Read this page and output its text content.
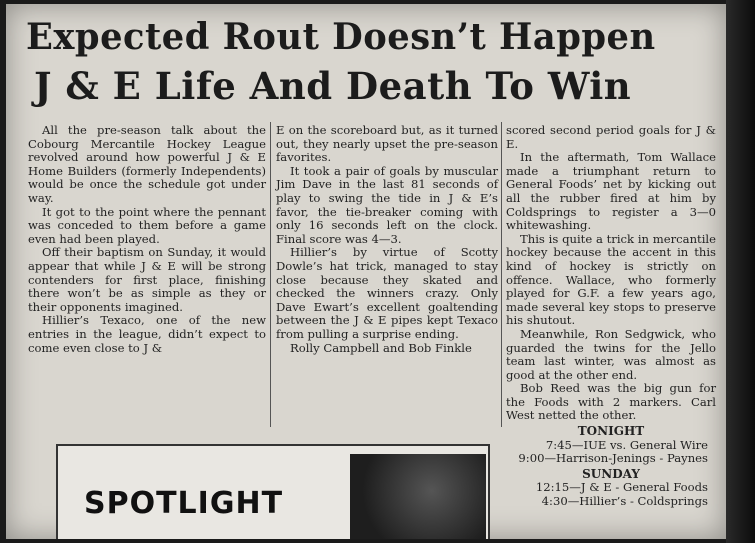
Expected Rout Doesn’t Happen
J & E Life And Death To Win

All the pre-season talk about the Cobourg Mercantile Hockey League revolved around how powerful J & E Home Builders (formerly Independents) would be once the schedule got under way.

It got to the point where the pennant was conceded to them before a game even had been played.

Off their baptism on Sunday, it would appear that while J & E will be strong contenders for first place, finishing there won’t be as simple as they or their opponents imagined.

Hillier’s Texaco, one of the new entries in the league, didn’t expect to come even close to J &

E on the scoreboard but, as it turned out, they nearly upset the pre-season favorites.

It took a pair of goals by muscular Jim Dave in the last 81 seconds of play to swing the tide in J & E’s favor, the tie-breaker coming with only 16 seconds left on the clock. Final score was 4—3.

Hillier’s by virtue of Scotty Dowle’s hat trick, managed to stay close because they skated and checked the winners crazy. Only Dave Ewart’s excellent goaltending between the J & E pipes kept Texaco from pulling a surprise ending.

Rolly Campbell and Bob Finkle

scored second period goals for J & E.

In the aftermath, Tom Wallace made a triumphant return to General Foods’ net by kicking out all the rubber fired at him by Coldsprings to register a 3—0 whitewashing.

This is quite a trick in mercantile hockey because the accent in this kind of hockey is strictly on offence. Wallace, who formerly played for G.F. a few years ago, made several key stops to preserve his shutout.

Meanwhile, Ron Sedgwick, who guarded the twins for the Jello team last winter, was almost as good at the other end.

Bob Reed was the big gun for the Foods with 2 markers. Carl West netted the other.

TONIGHT
7:45—IUE vs. General Wire
9:00—Harrison-Jenings - Paynes
SUNDAY
12:15—J & E - General Foods
4:30—Hillier’s - Coldsprings
SPOTLIGHT
